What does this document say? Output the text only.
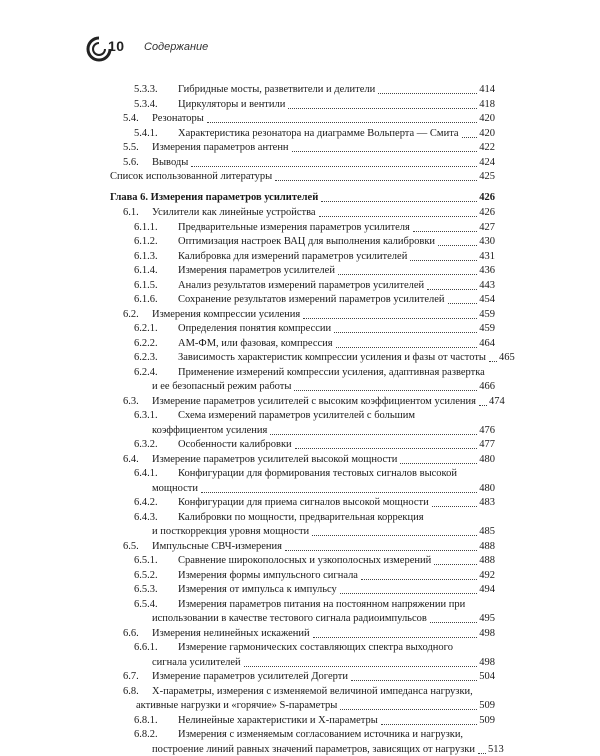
10 Содержание
5.3.3.	Гибридные мосты, разветвители и делители	414
5.3.4.	Циркуляторы и вентили	418
5.4.	Резонаторы	420
5.4.1.	Характеристика резонатора на диаграмме Вольперта — Смита 420
5.5.	Измерения параметров антенн	422
5.6.	Выводы	424
Список использованной литературы	425
Глава 6. Измерения параметров усилителей	426
6.1.	Усилители как линейные устройства	426
6.1.1.	Предварительные измерения параметров усилителя	427
6.1.2.	Оптимизация настроек ВАЦ для выполнения калибровки	430
6.1.3.	Калибровка для измерений параметров усилителей	431
6.1.4.	Измерения параметров усилителей	436
6.1.5.	Анализ результатов измерений параметров усилителей	443
6.1.6.	Сохранение результатов измерений параметров усилителей	454
6.2.	Измерения компрессии усиления	459
6.2.1.	Определения понятия компрессии	459
6.2.2.	АМ-ФМ, или фазовая, компрессия	464
6.2.3.	Зависимость характеристик компрессии усиления и фазы от частоты 465
6.2.4.	Применение измерений компрессии усиления, адаптивная развертка
и ее безопасный режим работы	466
6.3.	Измерение параметров усилителей с высоким коэффициентом усиления 474
6.3.1.	Схема измерений параметров усилителей с большим
коэффициентом усиления	476
6.3.2.	Особенности калибровки	477
6.4.	Измерение параметров усилителей высокой мощности	480
6.4.1.	Конфигурации для формирования тестовых сигналов высокой
мощности	480
6.4.2.	Конфигурации для приема сигналов высокой мощности	483
6.4.3.	Калибровки по мощности, предварительная коррекция
и посткоррекция уровня мощности	485
6.5.	Импульсные СВЧ-измерения	488
6.5.1.	Сравнение широкополосных и узкополосных измерений	488
6.5.2.	Измерения формы импульсного сигнала	492
6.5.3.	Измерения от импульса к импульсу	494
6.5.4.	Измерения параметров питания на постоянном напряжении при
использовании в качестве тестового сигнала радиоимпульсов	495
6.6.	Измерения нелинейных искажений	498
6.6.1.	Измерение гармонических составляющих спектра выходного
сигнала усилителей	498
6.7.	Измерение параметров усилителей Догерти	504
6.8.	Х-параметры, измерения с изменяемой величиной импеданса нагрузки,
активные нагрузки и «горячие» S-параметры	509
6.8.1.	Нелинейные характеристики и Х-параметры	509
6.8.2.	Измерения с изменяемым согласованием источника и нагрузки,
построение линий равных значений параметров, зависящих от нагрузки 513
